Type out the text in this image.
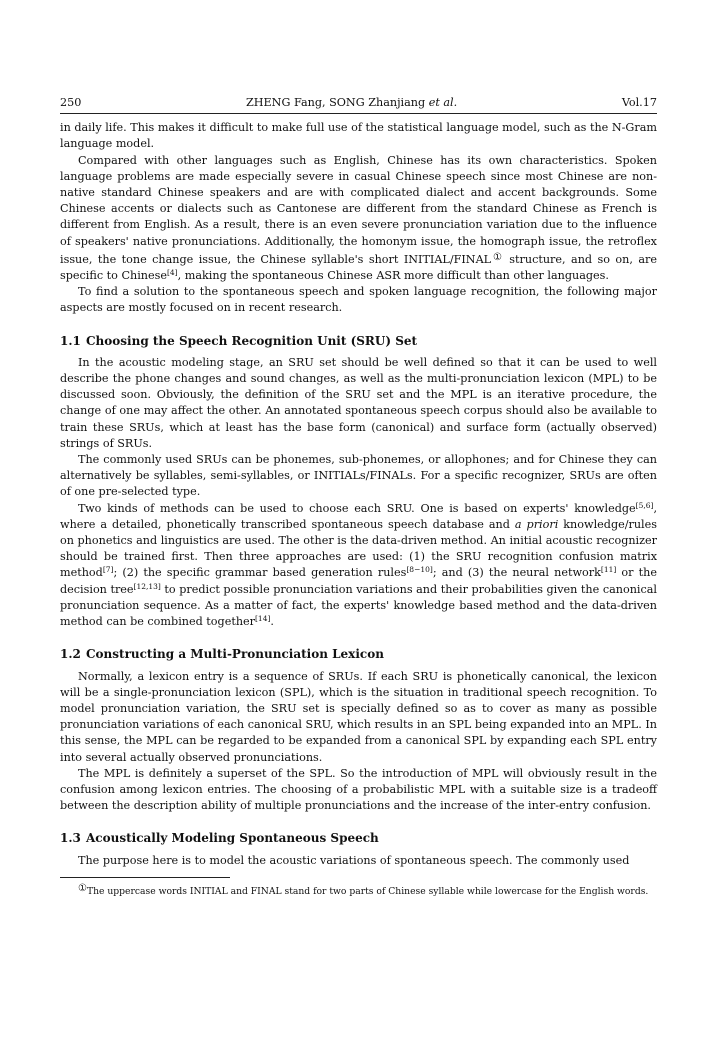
250	ZHENG Fang, SONG Zhanjiang et al.	Vol.17

in daily life. This makes it difficult to make full use of the statistical language model, such as the N-Gram language model.

Compared with other languages such as English, Chinese has its own characteristics. Spoken language problems are made especially severe in casual Chinese speech since most Chinese are non-native standard Chinese speakers and are with complicated dialect and accent backgrounds. Some Chinese accents or dialects such as Cantonese are different from the standard Chinese as French is different from English. As a result, there is an even severe pronunciation variation due to the influence of speakers' native pronunciations. Additionally, the homonym issue, the homograph issue, the retroflex issue, the tone change issue, the Chinese syllable's short INITIAL/FINAL① structure, and so on, are specific to Chinese[4], making the spontaneous Chinese ASR more difficult than other languages.

To find a solution to the spontaneous speech and spoken language recognition, the following major aspects are mostly focused on in recent research.

1.1 Choosing the Speech Recognition Unit (SRU) Set

In the acoustic modeling stage, an SRU set should be well defined so that it can be used to well describe the phone changes and sound changes, as well as the multi-pronunciation lexicon (MPL) to be discussed soon. Obviously, the definition of the SRU set and the MPL is an iterative procedure, the change of one may affect the other. An annotated spontaneous speech corpus should also be available to train these SRUs, which at least has the base form (canonical) and surface form (actually observed) strings of SRUs.

The commonly used SRUs can be phonemes, sub-phonemes, or allophones; and for Chinese they can alternatively be syllables, semi-syllables, or INITIALs/FINALs. For a specific recognizer, SRUs are often of one pre-selected type.

Two kinds of methods can be used to choose each SRU. One is based on experts' knowledge[5,6], where a detailed, phonetically transcribed spontaneous speech database and a priori knowledge/rules on phonetics and linguistics are used. The other is the data-driven method. An initial acoustic recognizer should be trained first. Then three approaches are used: (1) the SRU recognition confusion matrix method[7]; (2) the specific grammar based generation rules[8−10]; and (3) the neural network[11] or the decision tree[12,13] to predict possible pronunciation variations and their probabilities given the canonical pronunciation sequence. As a matter of fact, the experts' knowledge based method and the data-driven method can be combined together[14].

1.2 Constructing a Multi-Pronunciation Lexicon

Normally, a lexicon entry is a sequence of SRUs. If each SRU is phonetically canonical, the lexicon will be a single-pronunciation lexicon (SPL), which is the situation in traditional speech recognition. To model pronunciation variation, the SRU set is specially defined so as to cover as many as possible pronunciation variations of each canonical SRU, which results in an SPL being expanded into an MPL. In this sense, the MPL can be regarded to be expanded from a canonical SPL by expanding each SPL entry into several actually observed pronunciations.

The MPL is definitely a superset of the SPL. So the introduction of MPL will obviously result in the confusion among lexicon entries. The choosing of a probabilistic MPL with a suitable size is a tradeoff between the description ability of multiple pronunciations and the increase of the inter-entry confusion.

1.3 Acoustically Modeling Spontaneous Speech

The purpose here is to model the acoustic variations of spontaneous speech. The commonly used

①The uppercase words INITIAL and FINAL stand for two parts of Chinese syllable while lowercase for the English words.
